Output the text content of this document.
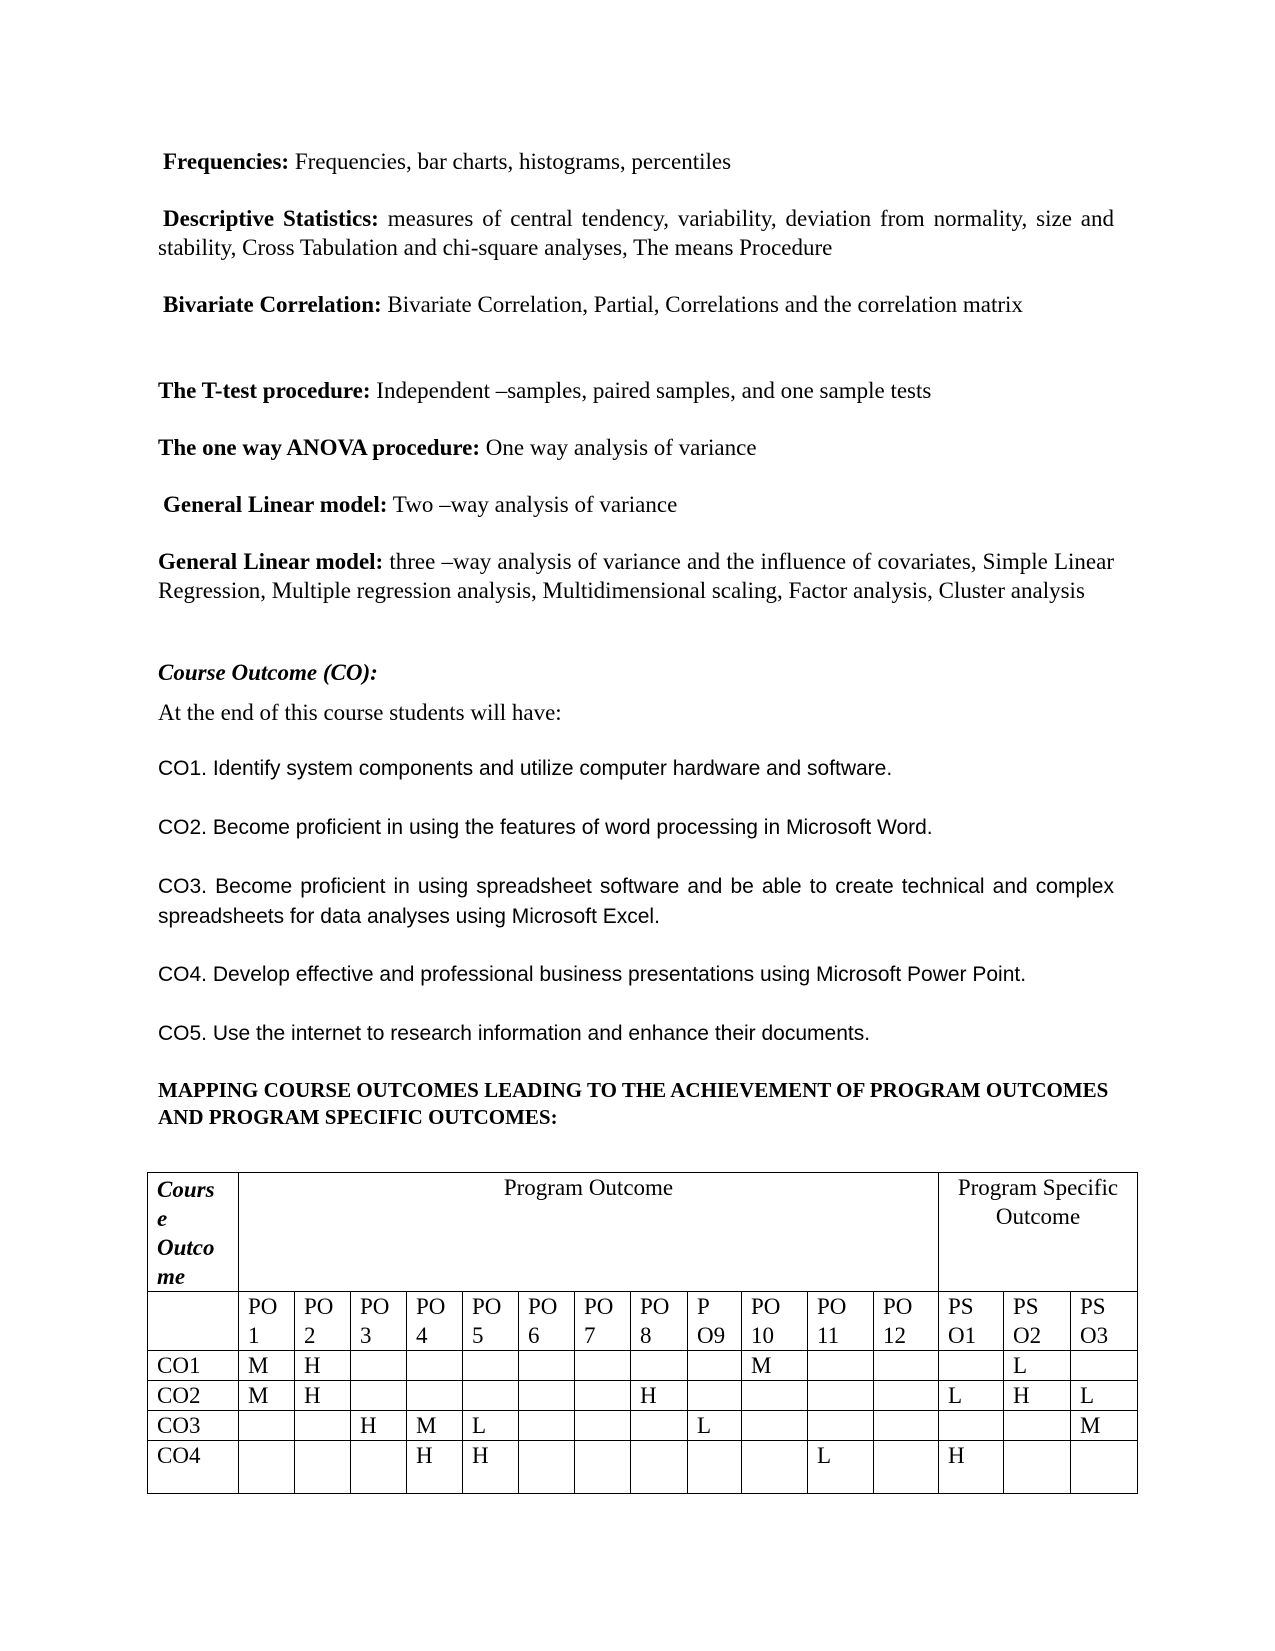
Frequencies: Frequencies, bar charts, histograms, percentiles
Descriptive Statistics: measures of central tendency, variability, deviation from normality, size and stability, Cross Tabulation and chi-square analyses, The means Procedure
Bivariate Correlation: Bivariate Correlation, Partial, Correlations and the correlation matrix
The T-test procedure: Independent –samples, paired samples, and one sample tests
The one way ANOVA procedure: One way analysis of variance
General Linear model: Two –way analysis of variance
General Linear model: three –way analysis of variance and the influence of covariates, Simple Linear Regression, Multiple regression analysis, Multidimensional scaling, Factor analysis, Cluster analysis
Course Outcome (CO):
At the end of this course students will have:
CO1. Identify system components and utilize computer hardware and software.
CO2. Become proficient in using the features of word processing in Microsoft Word.
CO3. Become proficient in using spreadsheet software and be able to create technical and complex spreadsheets for data analyses using Microsoft Excel.
CO4. Develop effective and professional business presentations using Microsoft Power Point.
CO5. Use the internet to research information and enhance their documents.
MAPPING COURSE OUTCOMES LEADING TO THE ACHIEVEMENT OF PROGRAM OUTCOMES AND PROGRAM SPECIFIC OUTCOMES:
Cours e Outco me	Program Outcome												Program Specific Outcome		
	PO 1	PO 2	PO 3	PO 4	PO 5	PO 6	PO 7	PO 8	P O9	PO 10	PO 11	PO 12	PS O1	PS O2	PS O3
CO1	M	H								M				L	
CO2	M	H						H					L	H	L
CO3			H	M	L				L						M
CO4				H	H						L		H		
